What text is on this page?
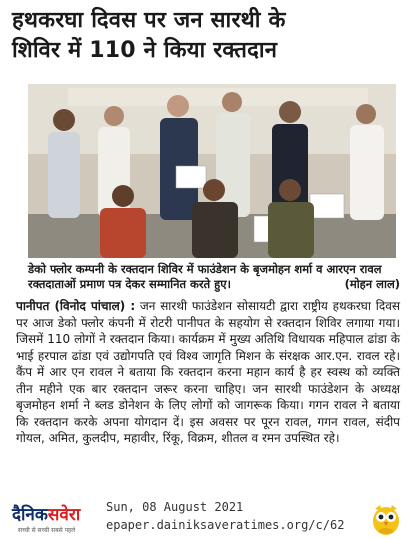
हथकरघा दिवस पर जन सारथी के
शिविर में 110 ने किया रक्तदान
डेको फ्लोर कम्पनी के रक्तदान शिविर में फाउंडेशन के बृजमोहन शर्मा व आरएन रावल रक्तदाताओं प्रमाण पत्र देकर सम्मानित करते हुए।	(मोहन लाल)
पानीपत (विनोद पांचाल) : जन सारथी फाउंडेशन सोसायटी द्वारा राष्ट्रीय हथकरघा दिवस पर आज डेको फ्लोर कंपनी में रोटरी पानीपत के सहयोग से रक्तदान शिविर लगाया गया। जिसमें 110 लोगों ने रक्तदान किया। कार्यक्रम में मुख्य अतिथि विधायक महिपाल ढांडा के भाई हरपाल ढांडा एवं उद्योगपति एवं विश्व जागृति मिशन के संरक्षक आर.एन. रावल रहे। कैंप में आर एन रावल ने बताया कि रक्तदान करना महान कार्य है हर स्वस्थ को व्यक्ति तीन महीने एक बार रक्तदान जरूर करना चाहिए। जन सारथी फाउंडेशन के अध्यक्ष बृजमोहन शर्मा ने ब्लड डोनेशन के लिए लोगों को जागरूक किया। गगन रावल ने बताया कि रक्तदान करके अपना योगदान दें। इस अवसर पर पूरन रावल, गगन रावल, संदीप गोयल, अमित, कुलदीप, महावीर, रिंकू, विक्रम, शीतल व रमन उपस्थित रहे।
दैनिकसवेरा
सच्ची से सच्ची सबसे पहले
Sun, 08 August 2021
epaper.dainiksaveratimes.org/c/62
